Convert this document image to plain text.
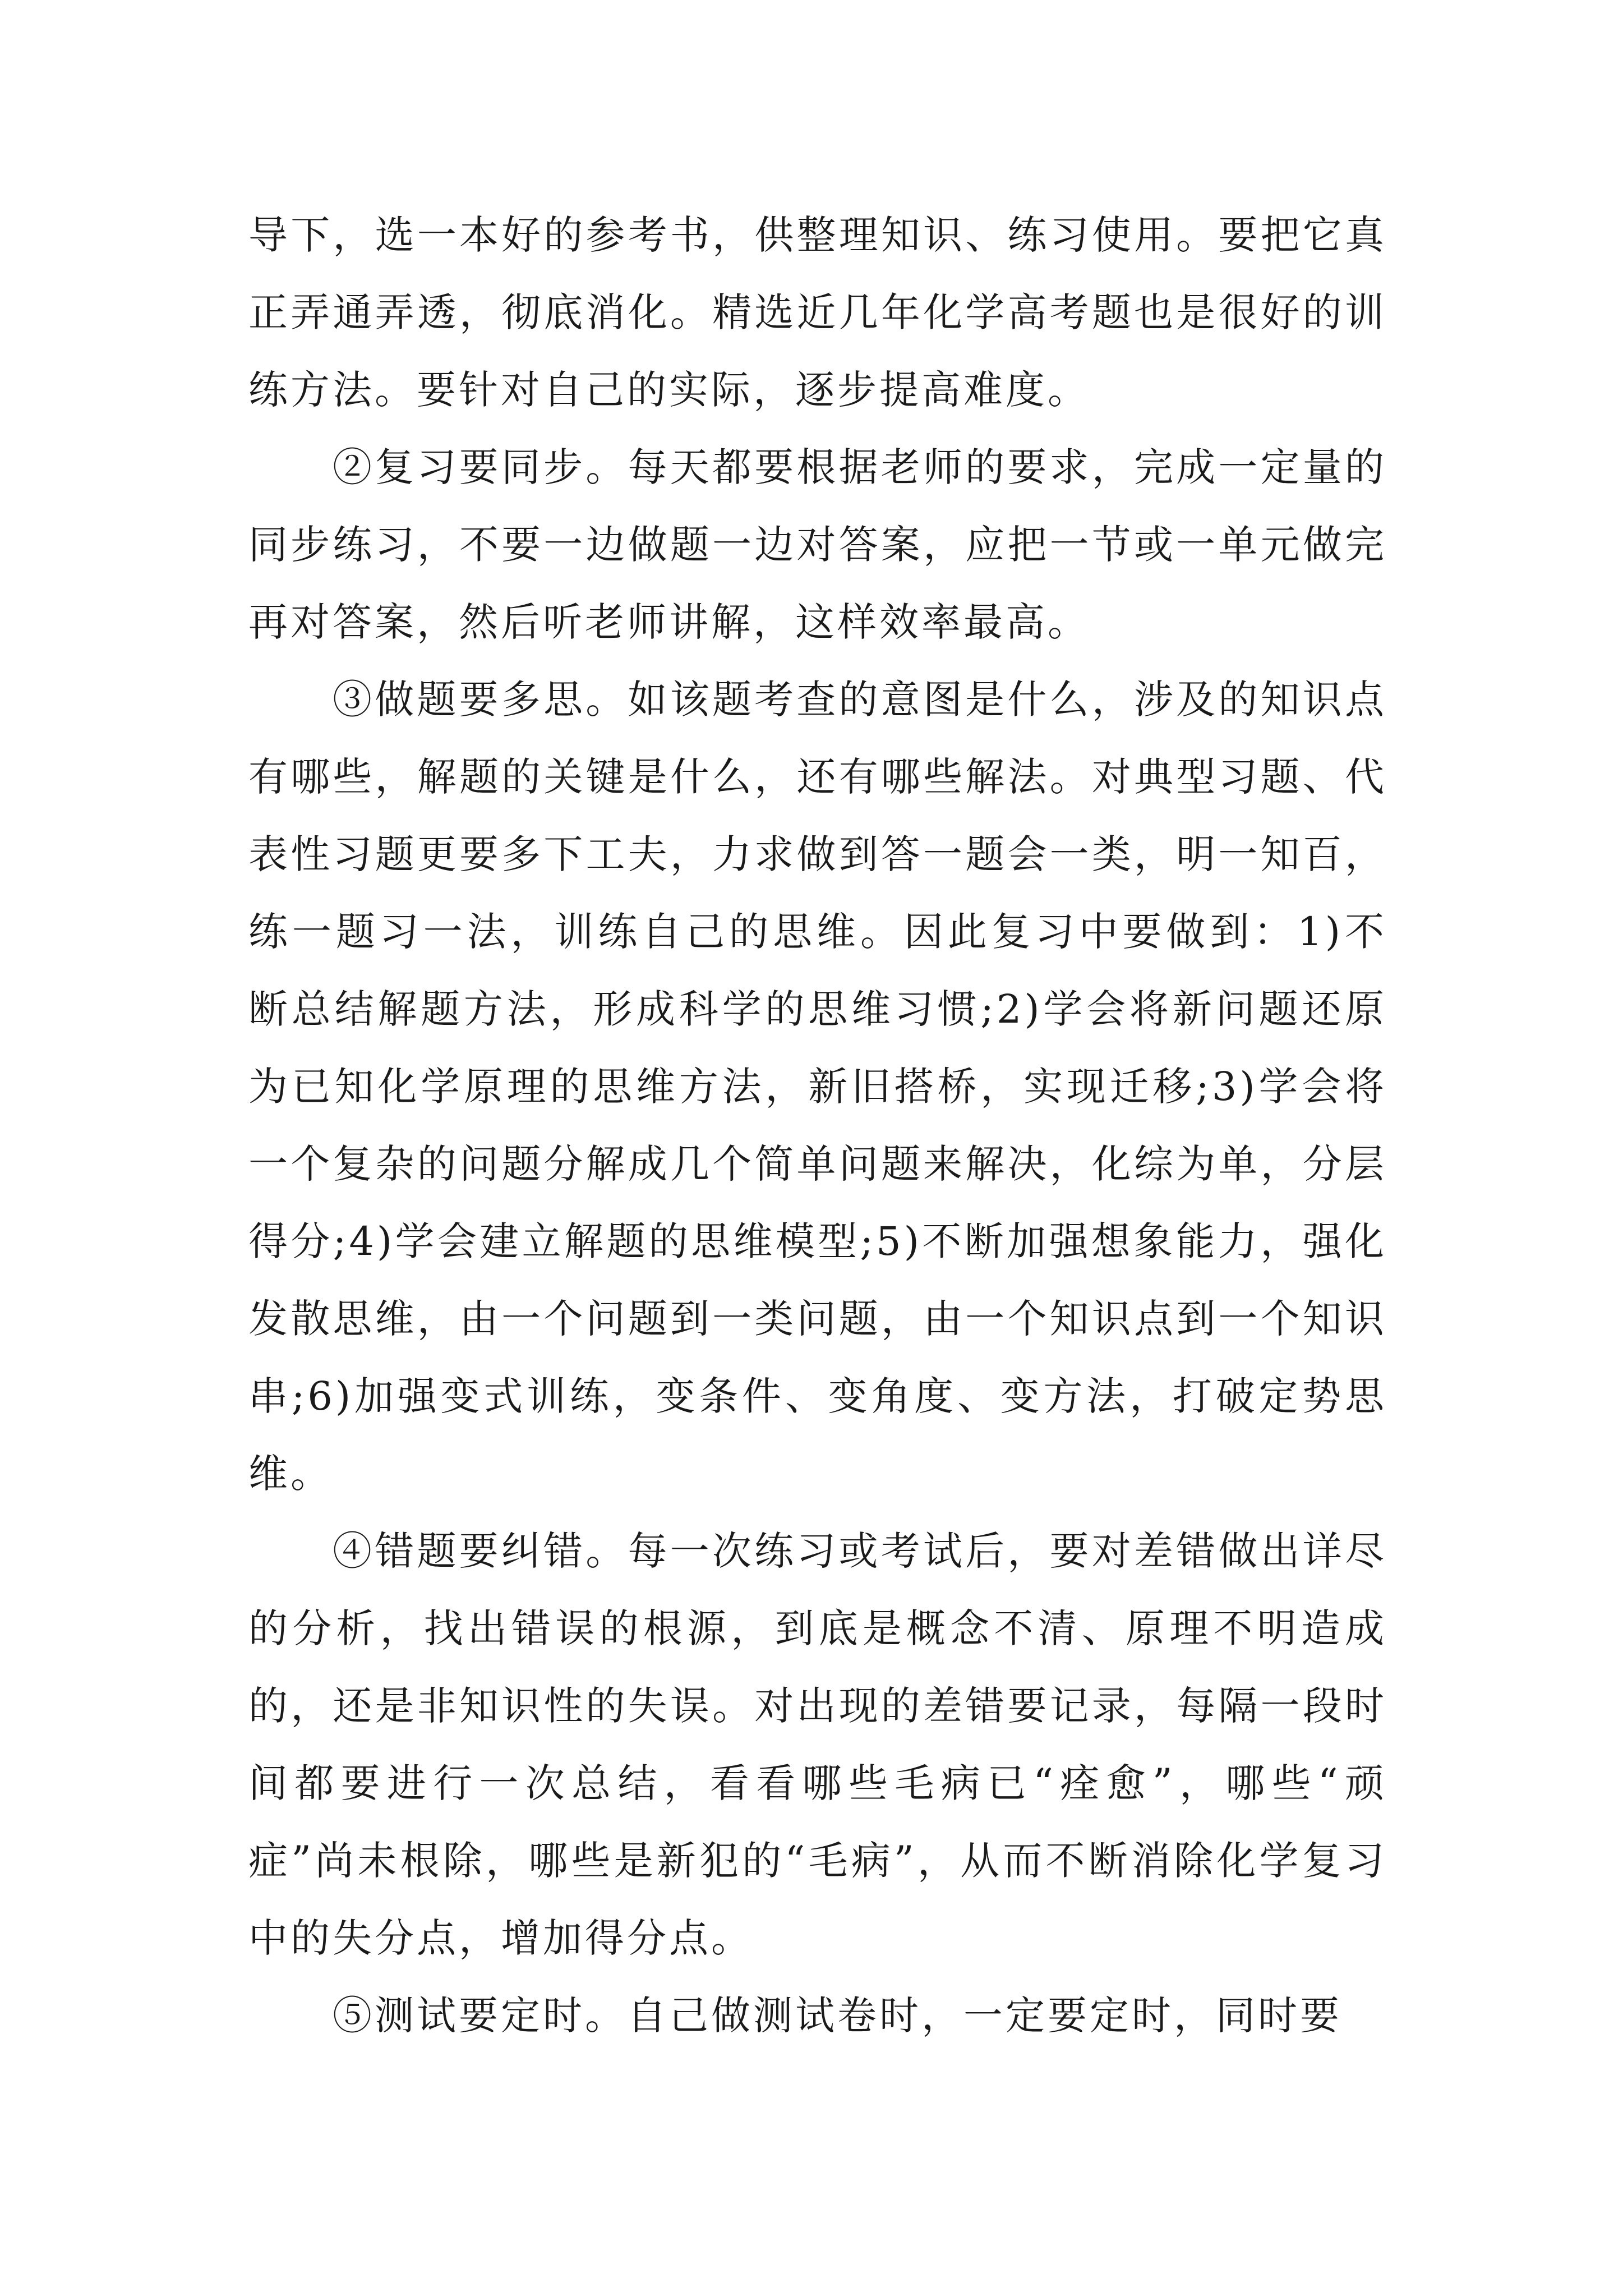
导下，选一本好的参考书，供整理知识、练习使用。要把它真正弄通弄透，彻底消化。精选近几年化学高考题也是很好的训练方法。要针对自己的实际，逐步提高难度。

②复习要同步。每天都要根据老师的要求，完成一定量的同步练习，不要一边做题一边对答案，应把一节或一单元做完再对答案，然后听老师讲解，这样效率最高。

③做题要多思。如该题考查的意图是什么，涉及的知识点有哪些，解题的关键是什么，还有哪些解法。对典型习题、代表性习题更要多下工夫，力求做到答一题会一类，明一知百，练一题习一法，训练自己的思维。因此复习中要做到：1)不断总结解题方法，形成科学的思维习惯;2)学会将新问题还原为已知化学原理的思维方法，新旧搭桥，实现迁移;3)学会将一个复杂的问题分解成几个简单问题来解决，化综为单，分层得分;4)学会建立解题的思维模型;5)不断加强想象能力，强化发散思维，由一个问题到一类问题，由一个知识点到一个知识串;6)加强变式训练，变条件、变角度、变方法，打破定势思维。

④错题要纠错。每一次练习或考试后，要对差错做出详尽的分析，找出错误的根源，到底是概念不清、原理不明造成的，还是非知识性的失误。对出现的差错要记录，每隔一段时间都要进行一次总结，看看哪些毛病已“痊愈”，哪些“顽症”尚未根除，哪些是新犯的“毛病”，从而不断消除化学复习中的失分点，增加得分点。

⑤测试要定时。自己做测试卷时，一定要定时，同时要
